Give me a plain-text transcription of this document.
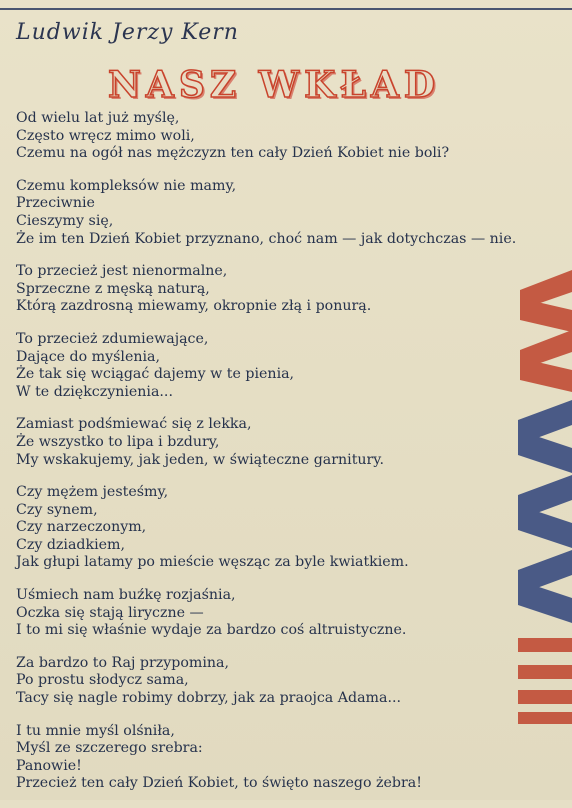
Ludwik Jerzy Kern
NASZ WKŁAD
Od wielu lat już myślę,
Często wręcz mimo woli,
Czemu na ogół nas mężczyzn ten cały Dzień Kobiet nie boli?
Czemu kompleksów nie mamy,
Przeciwnie
Cieszymy się,
Że im ten Dzień Kobiet przyznano, choć nam — jak dotychczas — nie.
To przecież jest nienormalne,
Sprzeczne z męską naturą,
Którą zazdrosną miewamy, okropnie złą i ponurą.
To przecież zdumiewające,
Dające do myślenia,
Że tak się wciągać dajemy w te pienia,
W te dziękczynienia...
Zamiast podśmiewać się z lekka,
Że wszystko to lipa i bzdury,
My wskakujemy, jak jeden, w świąteczne garnitury.
Czy mężem jesteśmy,
Czy synem,
Czy narzeczonym,
Czy dziadkiem,
Jak głupi latamy po mieście węsząc za byle kwiatkiem.
Uśmiech nam buźkę rozjaśnia,
Oczka się stają liryczne —
I to mi się właśnie wydaje za bardzo coś altruistyczne.
Za bardzo to Raj przypomina,
Po prostu słodycz sama,
Tacy się nagle robimy dobrzy, jak za praojca Adama...
I tu mnie myśl olśniła,
Myśl ze szczerego srebra:
Panowie!
Przecież ten cały Dzień Kobiet, to święto naszego żebra!
